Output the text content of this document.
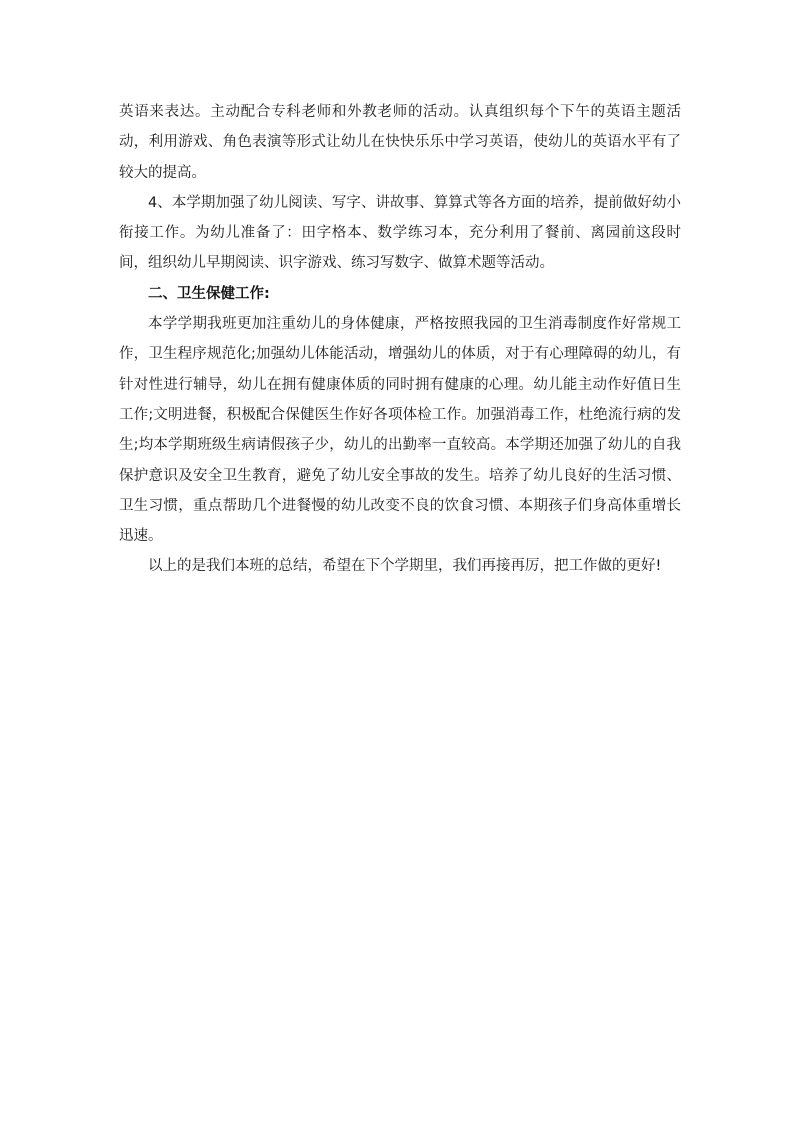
英语来表达。主动配合专科老师和外教老师的活动。认真组织每个下午的英语主题活动，利用游戏、角色表演等形式让幼儿在快快乐乐中学习英语，使幼儿的英语水平有了较大的提高。

4、本学期加强了幼儿阅读、写字、讲故事、算算式等各方面的培养，提前做好幼小衔接工作。为幼儿准备了：田字格本、数学练习本，充分利用了餐前、离园前这段时间，组织幼儿早期阅读、识字游戏、练习写数字、做算术题等活动。

二、卫生保健工作:

本学学期我班更加注重幼儿的身体健康，严格按照我园的卫生消毒制度作好常规工作，卫生程序规范化;加强幼儿体能活动，增强幼儿的体质，对于有心理障碍的幼儿，有针对性进行辅导，幼儿在拥有健康体质的同时拥有健康的心理。幼儿能主动作好值日生工作;文明进餐，积极配合保健医生作好各项体检工作。加强消毒工作，杜绝流行病的发生;均本学期班级生病请假孩子少，幼儿的出勤率一直较高。本学期还加强了幼儿的自我保护意识及安全卫生教育，避免了幼儿安全事故的发生。培养了幼儿良好的生活习惯、卫生习惯，重点帮助几个进餐慢的幼儿改变不良的饮食习惯、本期孩子们身高体重增长迅速。

以上的是我们本班的总结，希望在下个学期里，我们再接再厉，把工作做的更好!
